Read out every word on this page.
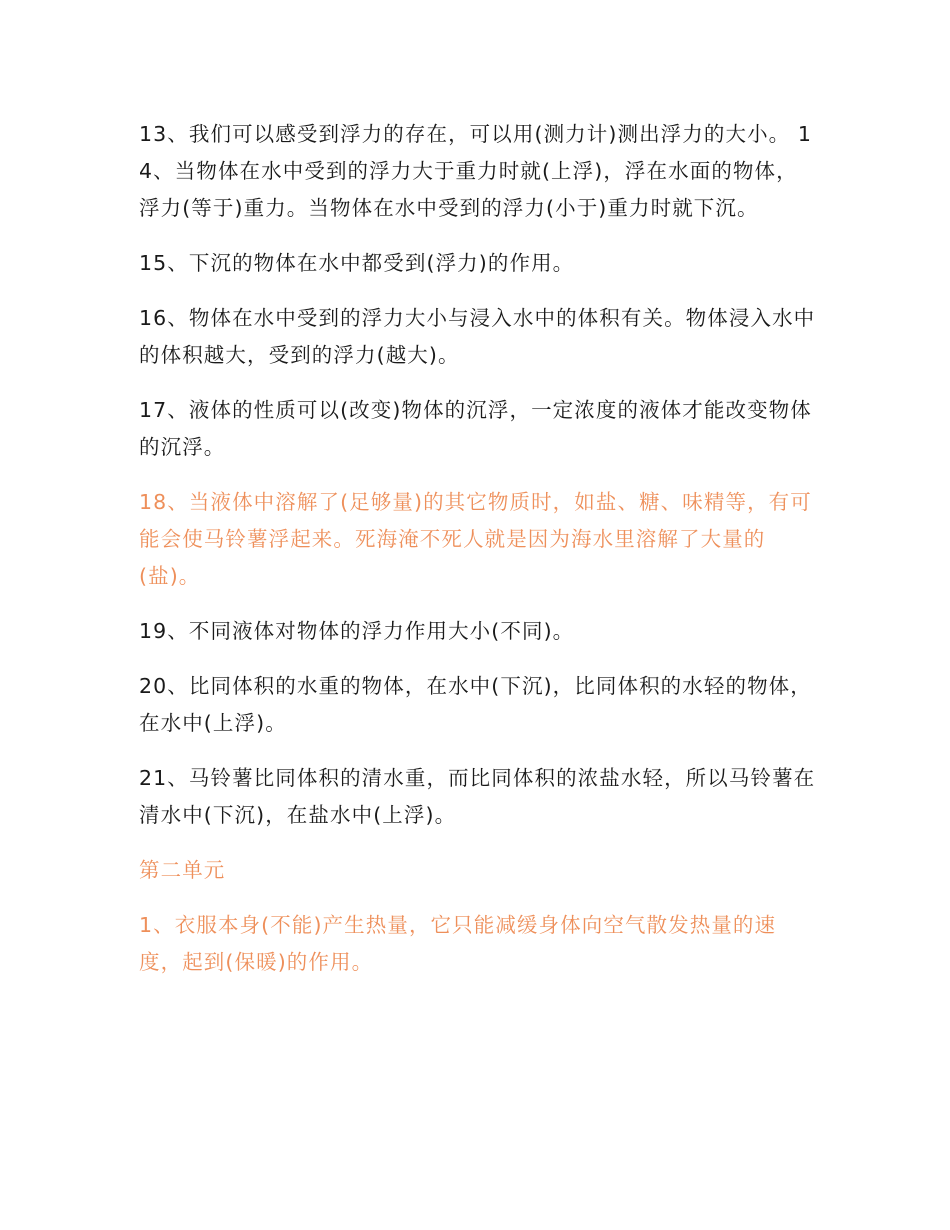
13、我们可以感受到浮力的存在，可以用(测力计)测出浮力的大小。 14、当物体在水中受到的浮力大于重力时就(上浮)，浮在水面的物体，浮力(等于)重力。当物体在水中受到的浮力(小于)重力时就下沉。

15、下沉的物体在水中都受到(浮力)的作用。

16、物体在水中受到的浮力大小与浸入水中的体积有关。物体浸入水中的体积越大，受到的浮力(越大)。

17、液体的性质可以(改变)物体的沉浮，一定浓度的液体才能改变物体的沉浮。

18、当液体中溶解了(足够量)的其它物质时，如盐、糖、味精等，有可能会使马铃薯浮起来。死海淹不死人就是因为海水里溶解了大量的(盐)。

19、不同液体对物体的浮力作用大小(不同)。

20、比同体积的水重的物体，在水中(下沉)，比同体积的水轻的物体，在水中(上浮)。

21、马铃薯比同体积的清水重，而比同体积的浓盐水轻，所以马铃薯在清水中(下沉)，在盐水中(上浮)。

第二单元

1、衣服本身(不能)产生热量，它只能减缓身体向空气散发热量的速度，起到(保暖)的作用。
